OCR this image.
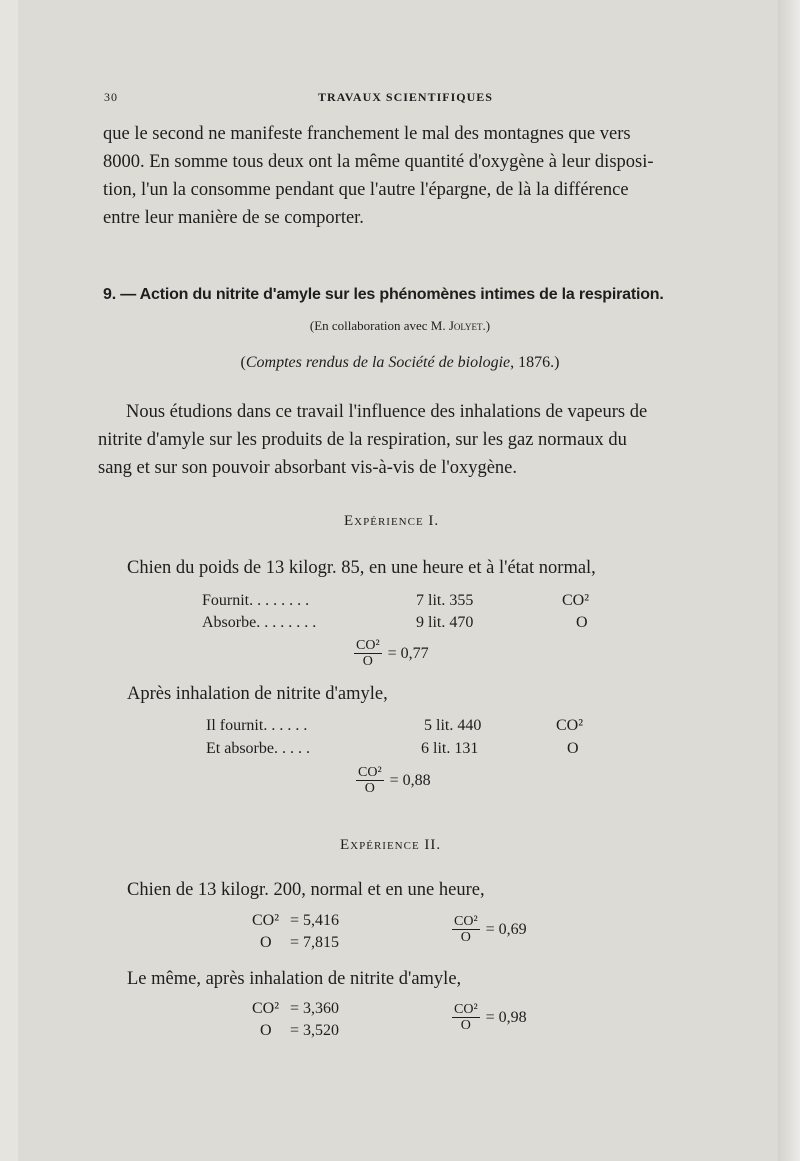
30	TRAVAUX SCIENTIFIQUES
que le second ne manifeste franchement le mal des montagnes que vers
8000. En somme tous deux ont la même quantité d'oxygène à leur disposi-
tion, l'un la consomme pendant que l'autre l'épargne, de là la différence
entre leur manière de se comporter.
9. — Action du nitrite d'amyle sur les phénomènes intimes de la respiration.
(En collaboration avec M. Jolyet.)
(Comptes rendus de la Société de biologie, 1876.)
Nous étudions dans ce travail l'influence des inhalations de vapeurs de
nitrite d'amyle sur les produits de la respiration, sur les gaz normaux du
sang et sur son pouvoir absorbant vis-à-vis de l'oxygène.
Expérience I.
Chien du poids de 13 kilogr. 85, en une heure et à l'état normal,
Fournit. . . . . . . .	7 lit. 355	CO²
Absorbe. . . . . . . .	9 lit. 470	O
$\frac{\text{CO²}}{O} = 0,77$
Après inhalation de nitrite d'amyle,
Il fournit. . . . . .	5 lit. 440	CO²
Et absorbe. . . . .	6 lit. 131	O
$\frac{\text{CO²}}{O} = 0,88$
Expérience II.
Chien de 13 kilogr. 200, normal et en une heure,
CO² = 5,416
O = 7,815	$\frac{\text{CO²}}{O} = 0,69$
Le même, après inhalation de nitrite d'amyle,
CO² = 3,360
O = 3,520	$\frac{\text{CO²}}{O} = 0,98$
